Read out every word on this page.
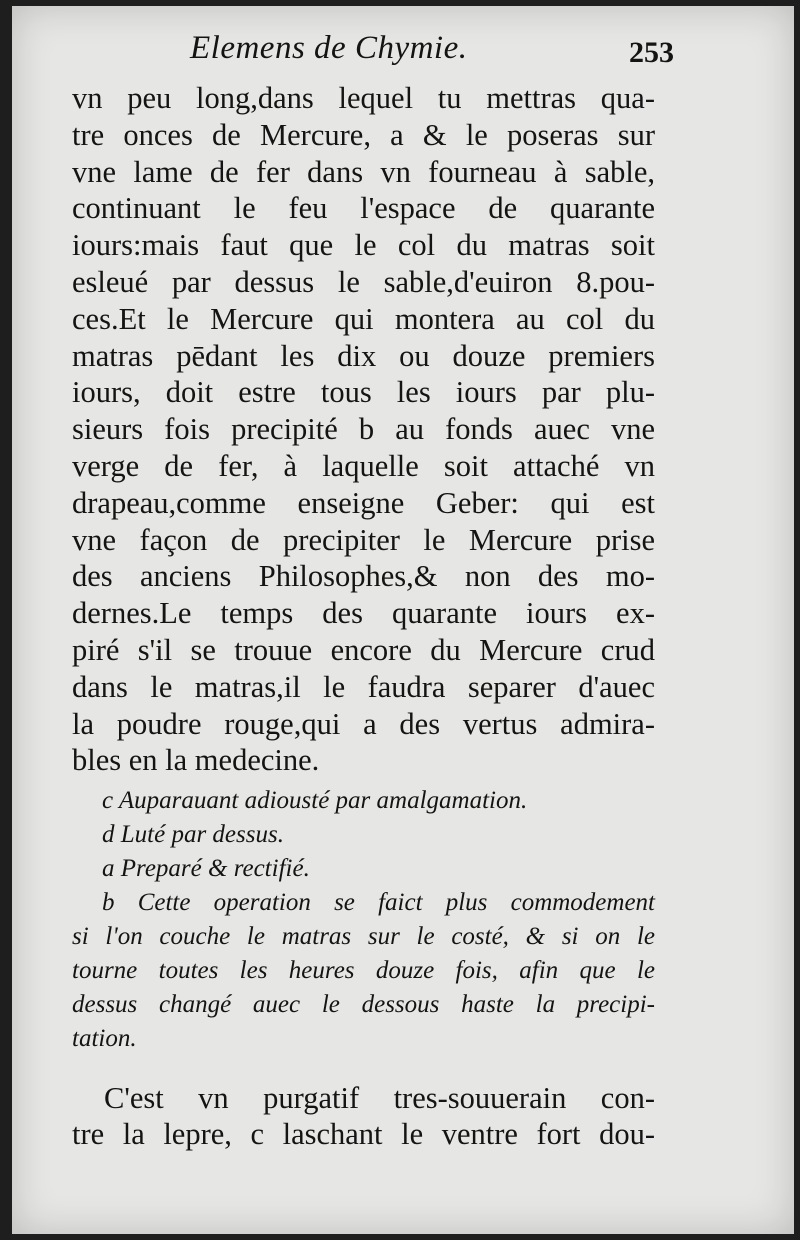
Elemens de Chymie.	253
vn peu long,dans lequel tu mettras qua-
tre onces de Mercure, a & le poseras sur
vne lame de fer dans vn fourneau à sable,
continuant le feu l'espace de quarante
iours:mais faut que le col du matras soit
esleué par dessus le sable,d'euiron 8.pou-
ces.Et le Mercure qui montera au col du
matras pēdant les dix ou douze premiers
iours, doit estre tous les iours par plu-
sieurs fois precipité b au fonds auec vne
verge de fer, à laquelle soit attaché vn
drapeau,comme enseigne Geber: qui est
vne façon de precipiter le Mercure prise
des anciens Philosophes,& non des mo-
dernes.Le temps des quarante iours ex-
piré s'il se trouue encore du Mercure crud
dans le matras,il le faudra separer d'auec
la poudre rouge,qui a des vertus admira-
bles en la medecine.
c Auparauant adiousté par amalgamation.
d Luté par dessus.
a Preparé & rectifié.
b Cette operation se faict plus commodement
si l'on couche le matras sur le costé, & si on le
tourne toutes les heures douze fois, afin que le
dessus changé auec le dessous haste la precipi-
tation.
C'est vn purgatif tres-souuerain con-
tre la lepre, c laschant le ventre fort dou-
